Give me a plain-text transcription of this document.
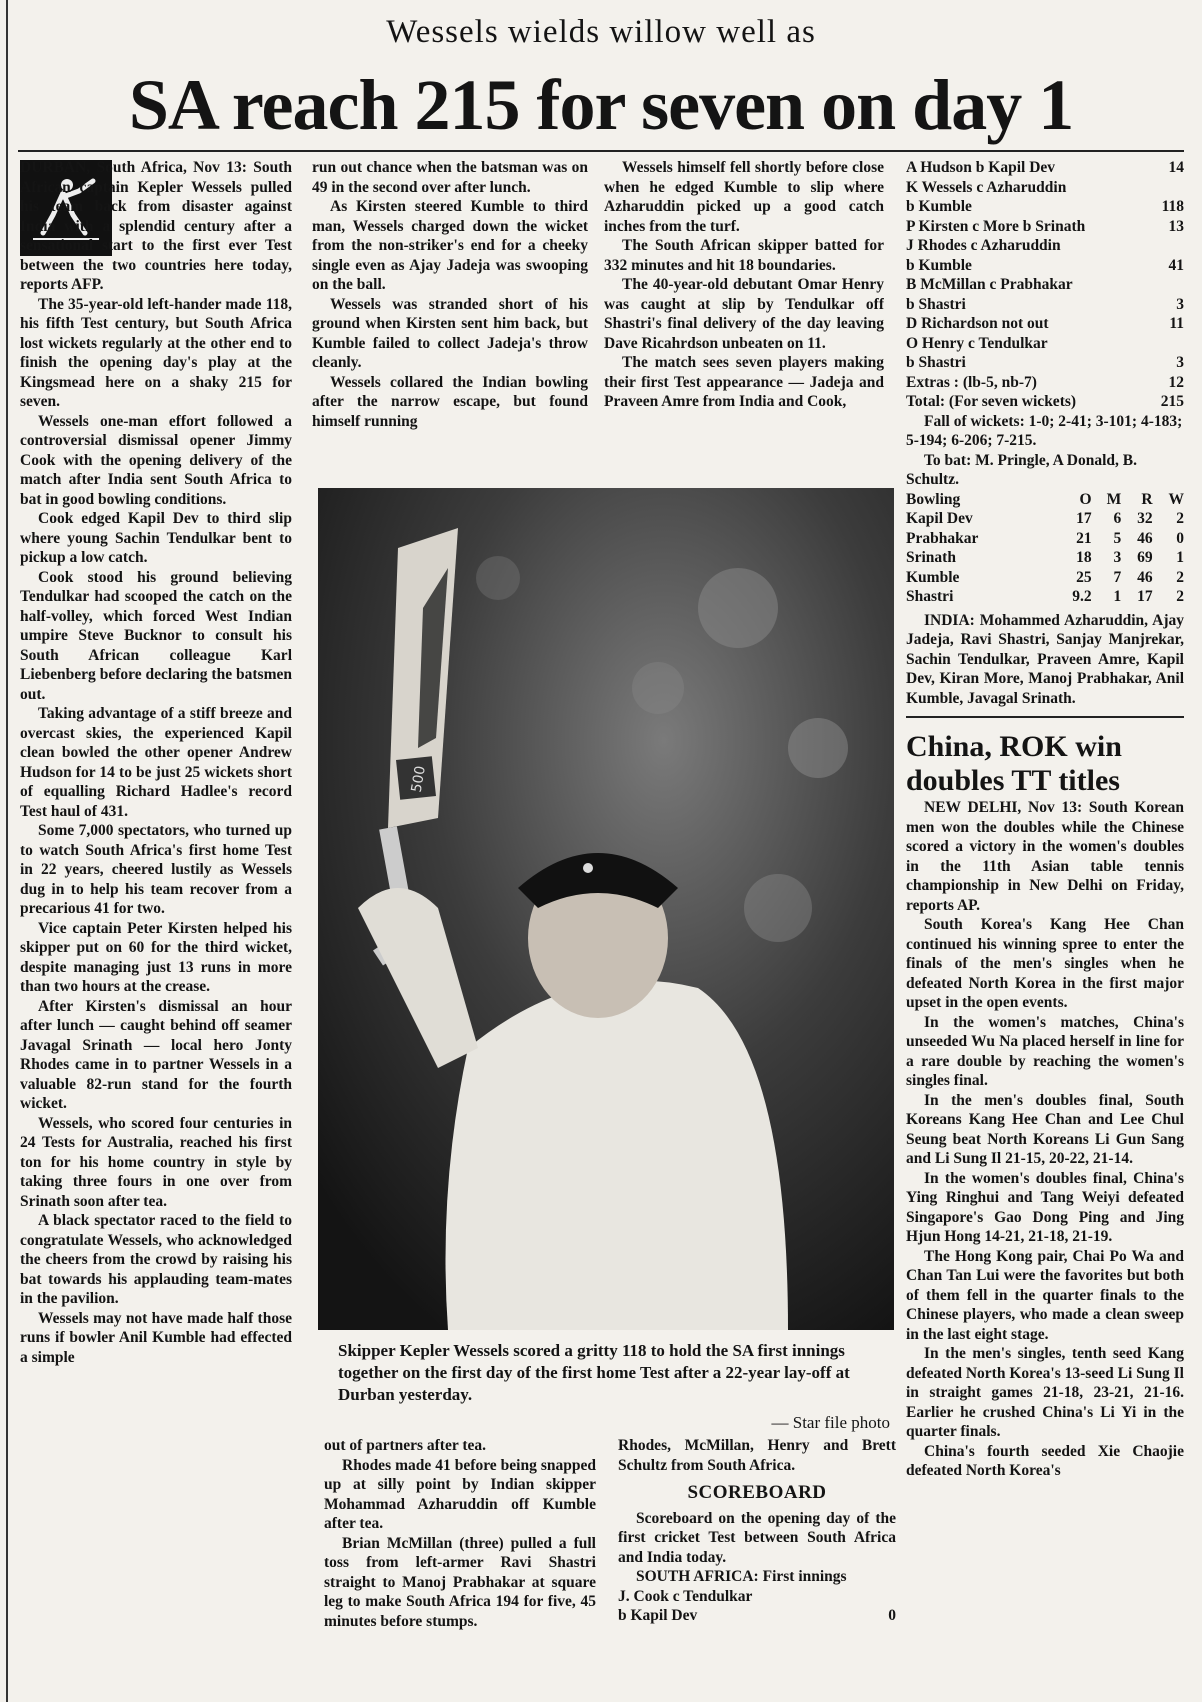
Wessels wields willow well as
SA reach 215 for seven on day 1

DURBAN, South Africa, Nov 13: South African captain Kepler Wessels pulled his team back from disaster against India with a splendid century after a sensational start to the first ever Test between the two countries here today, reports AFP.

The 35-year-old left-hander made 118, his fifth Test century, but South Africa lost wickets regularly at the other end to finish the opening day's play at the Kingsmead here on a shaky 215 for seven.

Wessels one-man effort followed a controversial dismissal opener Jimmy Cook with the opening delivery of the match after India sent South Africa to bat in good bowling conditions.

Cook edged Kapil Dev to third slip where young Sachin Tendulkar bent to pickup a low catch.

Cook stood his ground believing Tendulkar had scooped the catch on the half-volley, which forced West Indian umpire Steve Bucknor to consult his South African colleague Karl Liebenberg before declaring the batsmen out.

Taking advantage of a stiff breeze and overcast skies, the experienced Kapil clean bowled the other opener Andrew Hudson for 14 to be just 25 wickets short of equalling Richard Hadlee's record Test haul of 431.

Some 7,000 spectators, who turned up to watch South Africa's first home Test in 22 years, cheered lustily as Wessels dug in to help his team recover from a precarious 41 for two.

Vice captain Peter Kirsten helped his skipper put on 60 for the third wicket, despite managing just 13 runs in more than two hours at the crease.

After Kirsten's dismissal an hour after lunch — caught behind off seamer Javagal Srinath — local hero Jonty Rhodes came in to partner Wessels in a valuable 82-run stand for the fourth wicket.

Wessels, who scored four centuries in 24 Tests for Australia, reached his first ton for his home country in style by taking three fours in one over from Srinath soon after tea.

A black spectator raced to the field to congratulate Wessels, who acknowledged the cheers from the crowd by raising his bat towards his applauding team-mates in the pavilion.

Wessels may not have made half those runs if bowler Anil Kumble had effected a simple

run out chance when the batsman was on 49 in the second over after lunch.

As Kirsten steered Kumble to third man, Wessels charged down the wicket from the non-striker's end for a cheeky single even as Ajay Jadeja was swooping on the ball.

Wessels was stranded short of his ground when Kirsten sent him back, but Kumble failed to collect Jadeja's throw cleanly.

Wessels collared the Indian bowling after the narrow escape, but found himself running

Wessels himself fell shortly before close when he edged Kumble to slip where Azharuddin picked up a good catch inches from the turf.

The South African skipper batted for 332 minutes and hit 18 boundaries.

The 40-year-old debutant Omar Henry was caught at slip by Tendulkar off Shastri's final delivery of the day leaving Dave Ricahrdson unbeaten on 11.

The match sees seven players making their first Test appearance — Jadeja and Praveen Amre from India and Cook,

500
Skipper Kepler Wessels scored a gritty 118 to hold the SA first innings together on the first day of the first home Test after a 22-year lay-off at Durban yesterday.
— Star file photo

out of partners after tea.

Rhodes made 41 before being snapped up at silly point by Indian skipper Mohammad Azharuddin off Kumble after tea.

Brian McMillan (three) pulled a full toss from left-armer Ravi Shastri straight to Manoj Prabhakar at square leg to make South Africa 194 for five, 45 minutes before stumps.

Rhodes, McMillan, Henry and Brett Schultz from South Africa.

SCOREBOARD

Scoreboard on the opening day of the first cricket Test between South Africa and India today.

SOUTH AFRICA: First innings

J. Cook c Tendulkar
b Kapil Dev	0
A Hudson b Kapil Dev	14
K Wessels c Azharuddin
b Kumble	118
P Kirsten c More b Srinath	13
J Rhodes c Azharuddin
b Kumble	41
B McMillan c Prabhakar
b Shastri	3
D Richardson not out	11
O Henry c Tendulkar
b Shastri	3
Extras : (lb-5, nb-7)	12
Total: (For seven wickets)	215

Fall of wickets: 1-0; 2-41; 3-101; 4-183; 5-194; 6-206; 7-215.

To bat: M. Pringle, A Donald, B. Schultz.

Bowling	O	M	R	W
Kapil Dev	17	6	32	2
Prabhakar	21	5	46	0
Srinath	18	3	69	1
Kumble	25	7	46	2
Shastri	9.2	1	17	2

INDIA: Mohammed Azharuddin, Ajay Jadeja, Ravi Shastri, Sanjay Manjrekar, Sachin Tendulkar, Praveen Amre, Kapil Dev, Kiran More, Manoj Prabhakar, Anil Kumble, Javagal Srinath.

China, ROK win doubles TT titles

NEW DELHI, Nov 13: South Korean men won the doubles while the Chinese scored a victory in the women's doubles in the 11th Asian table tennis championship in New Delhi on Friday, reports AP.

South Korea's Kang Hee Chan continued his winning spree to enter the finals of the men's singles when he defeated North Korea in the first major upset in the open events.

In the women's matches, China's unseeded Wu Na placed herself in line for a rare double by reaching the women's singles final.

In the men's doubles final, South Koreans Kang Hee Chan and Lee Chul Seung beat North Koreans Li Gun Sang and Li Sung Il 21-15, 20-22, 21-14.

In the women's doubles final, China's Ying Ringhui and Tang Weiyi defeated Singapore's Gao Dong Ping and Jing Hjun Hong 14-21, 21-18, 21-19.

The Hong Kong pair, Chai Po Wa and Chan Tan Lui were the favorites but both of them fell in the quarter finals to the Chinese players, who made a clean sweep in the last eight stage.

In the men's singles, tenth seed Kang defeated North Korea's 13-seed Li Sung Il in straight games 21-18, 23-21, 21-16. Earlier he crushed China's Li Yi in the quarter finals.

China's fourth seeded Xie Chaojie defeated North Korea's
